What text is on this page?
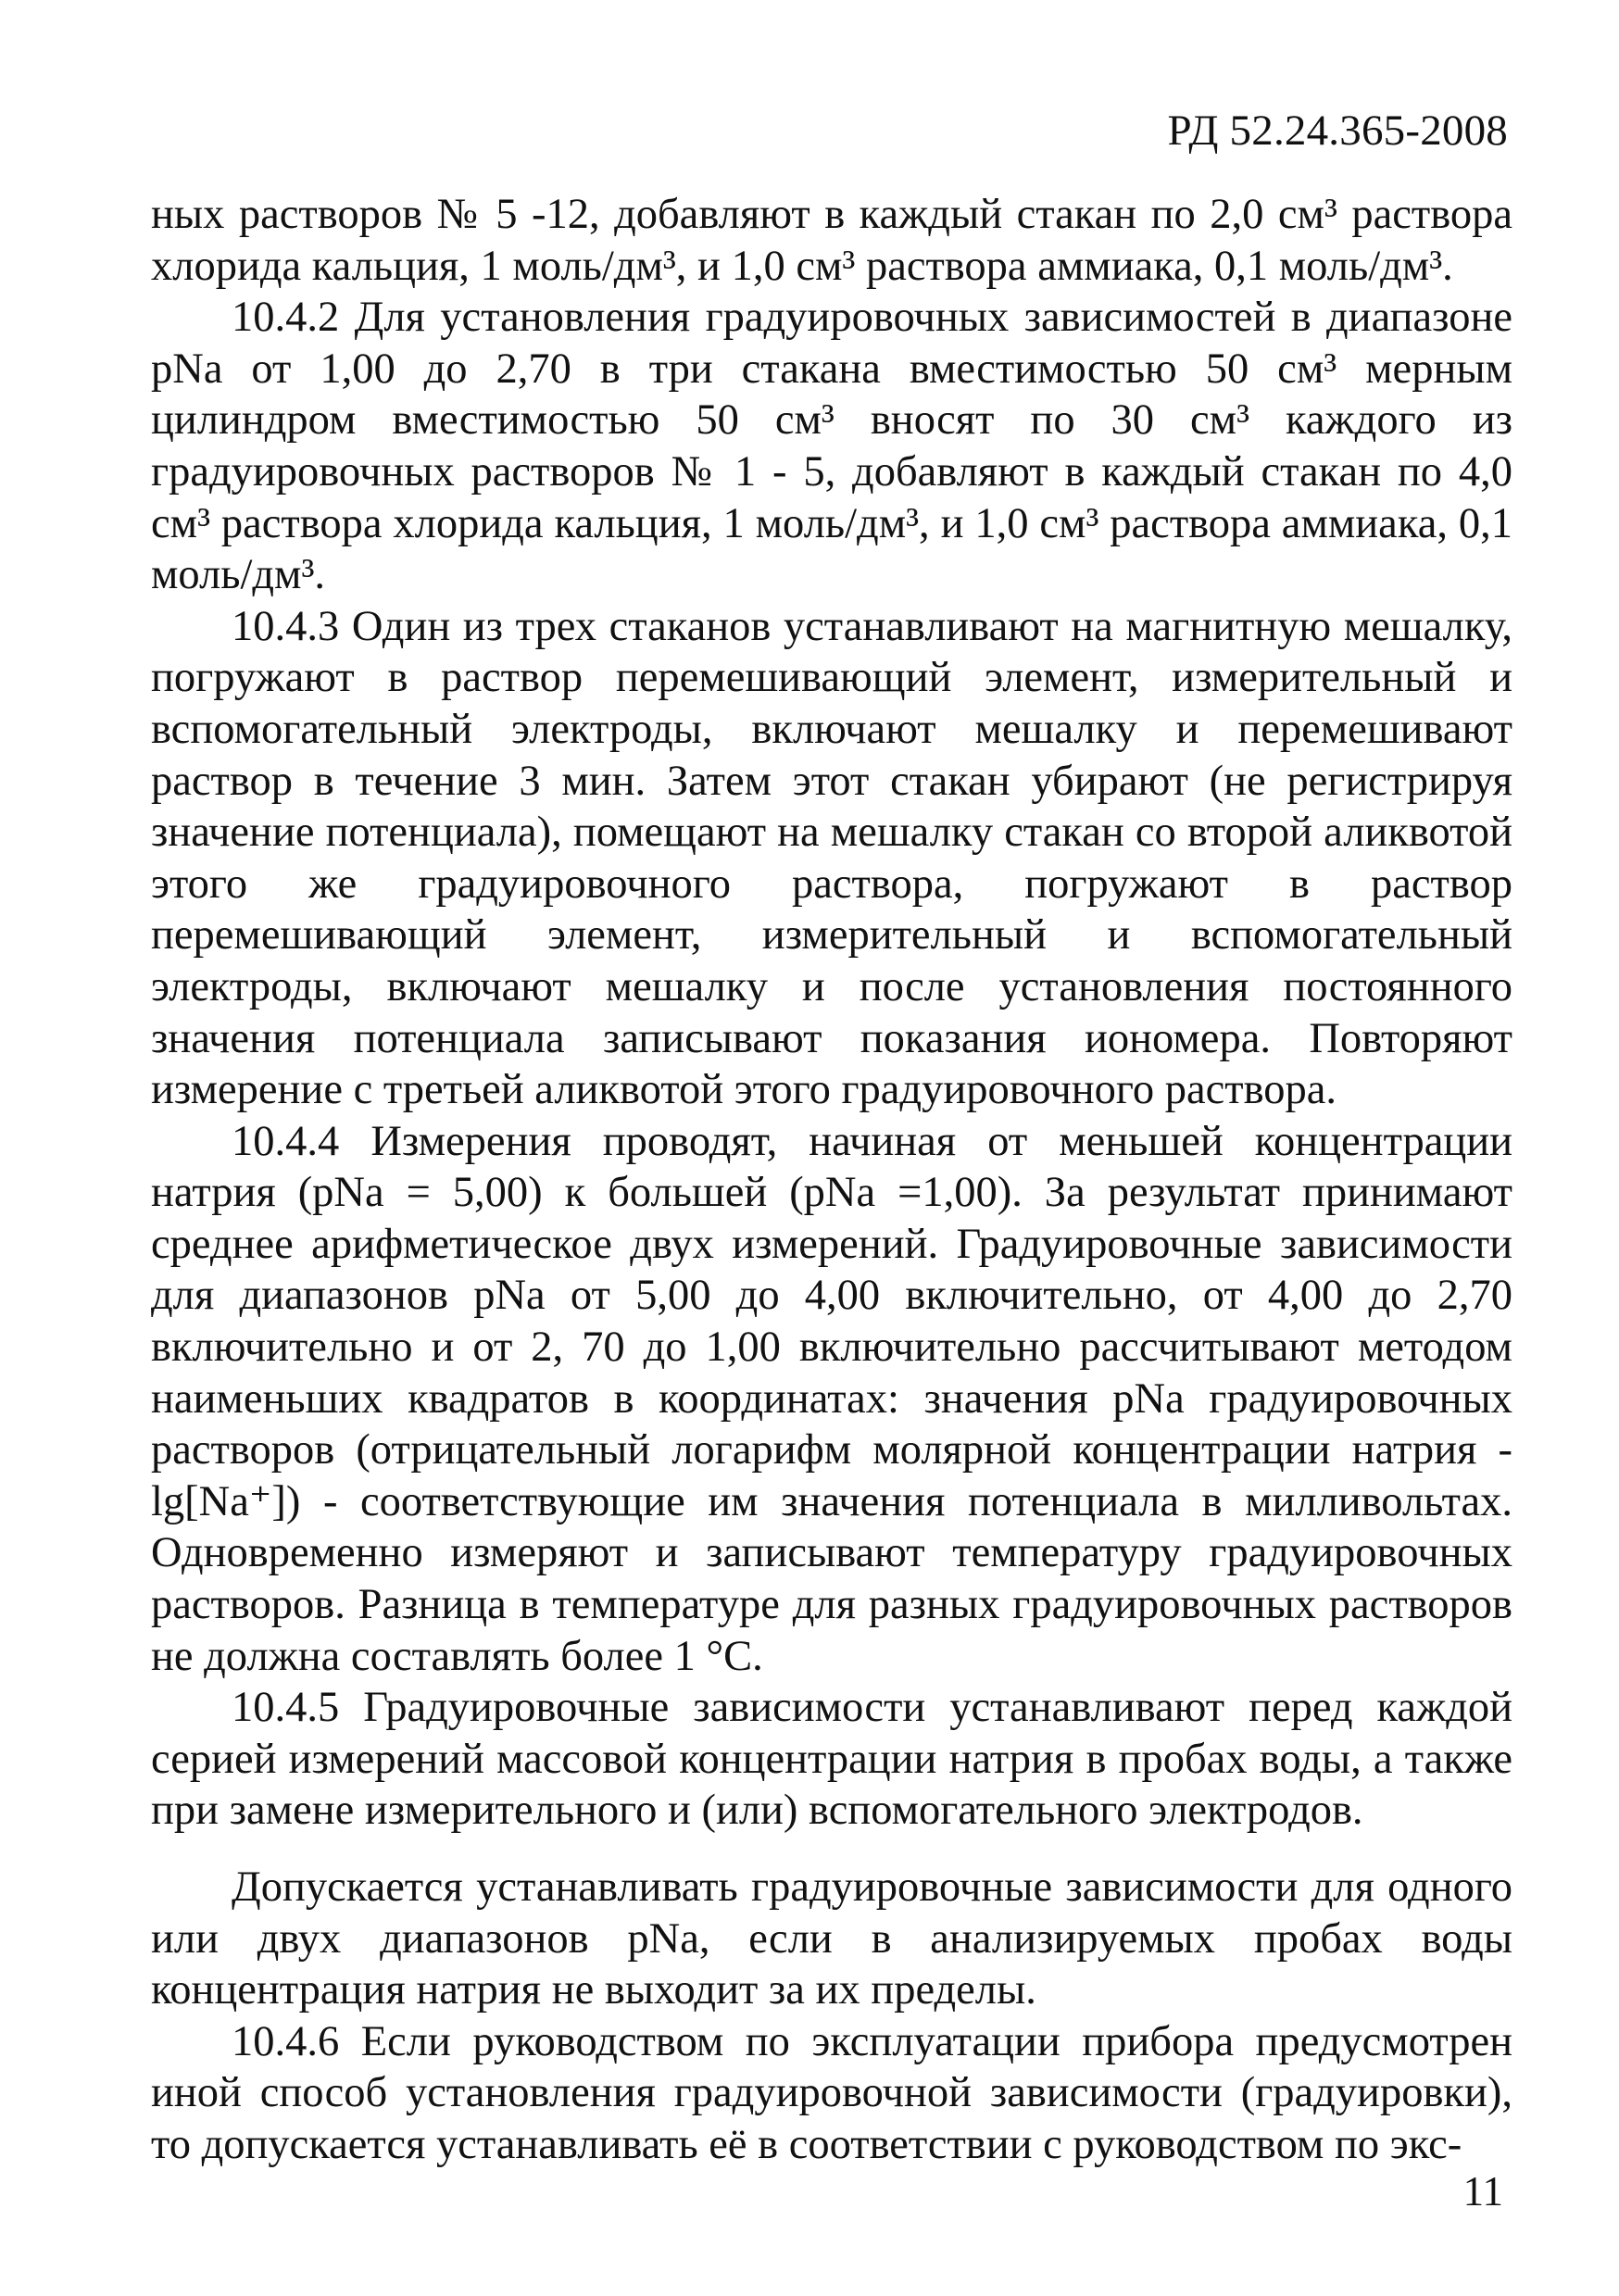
РД 52.24.365-2008

ных растворов № 5 -12, добавляют в каждый стакан по 2,0 см³ раствора хлорида кальция, 1 моль/дм³, и 1,0 см³ раствора аммиака, 0,1 моль/дм³.

10.4.2 Для установления градуировочных зависимостей в диапазоне pNa от 1,00 до 2,70 в три стакана вместимостью 50 см³ мерным цилиндром вместимостью 50 см³ вносят по 30 см³ каждого из градуировочных растворов № 1 - 5, добавляют в каждый стакан по 4,0 см³ раствора хлорида кальция, 1 моль/дм³, и 1,0 см³ раствора аммиака, 0,1 моль/дм³.

10.4.3 Один из трех стаканов устанавливают на магнитную мешалку, погружают в раствор перемешивающий элемент, измерительный и вспомогательный электроды, включают мешалку и перемешивают раствор в течение 3 мин. Затем этот стакан убирают (не регистрируя значение потенциала), помещают на мешалку стакан со второй аликвотой этого же градуировочного раствора, погружают в раствор перемешивающий элемент, измерительный и вспомогательный электроды, включают мешалку и после установления постоянного значения потенциала записывают показания иономера. Повторяют измерение с третьей аликвотой этого градуировочного раствора.

10.4.4 Измерения проводят, начиная от меньшей концентрации натрия (pNa = 5,00) к большей (pNa =1,00). За результат принимают среднее арифметическое двух измерений. Градуировочные зависимости для диапазонов pNa от 5,00 до 4,00 включительно, от 4,00 до 2,70 включительно и от 2, 70 до 1,00 включительно рассчитывают методом наименьших квадратов в координатах: значения pNa градуировочных растворов (отрицательный логарифм молярной концентрации натрия - lg[Na⁺]) - соответствующие им значения потенциала в милливольтах. Одновременно измеряют и записывают температуру градуировочных растворов. Разница в температуре для разных градуировочных растворов не должна составлять более 1 °C.

10.4.5 Градуировочные зависимости устанавливают перед каждой серией измерений массовой концентрации натрия в пробах воды, а также при замене измерительного и (или) вспомогательного электродов.

Допускается устанавливать градуировочные зависимости для одного или двух диапазонов pNa, если в анализируемых пробах воды концентрация натрия не выходит за их пределы.

10.4.6 Если руководством по эксплуатации прибора предусмотрен иной способ установления градуировочной зависимости (градуировки), то допускается устанавливать её в соответствии с руководством по экс-

11
